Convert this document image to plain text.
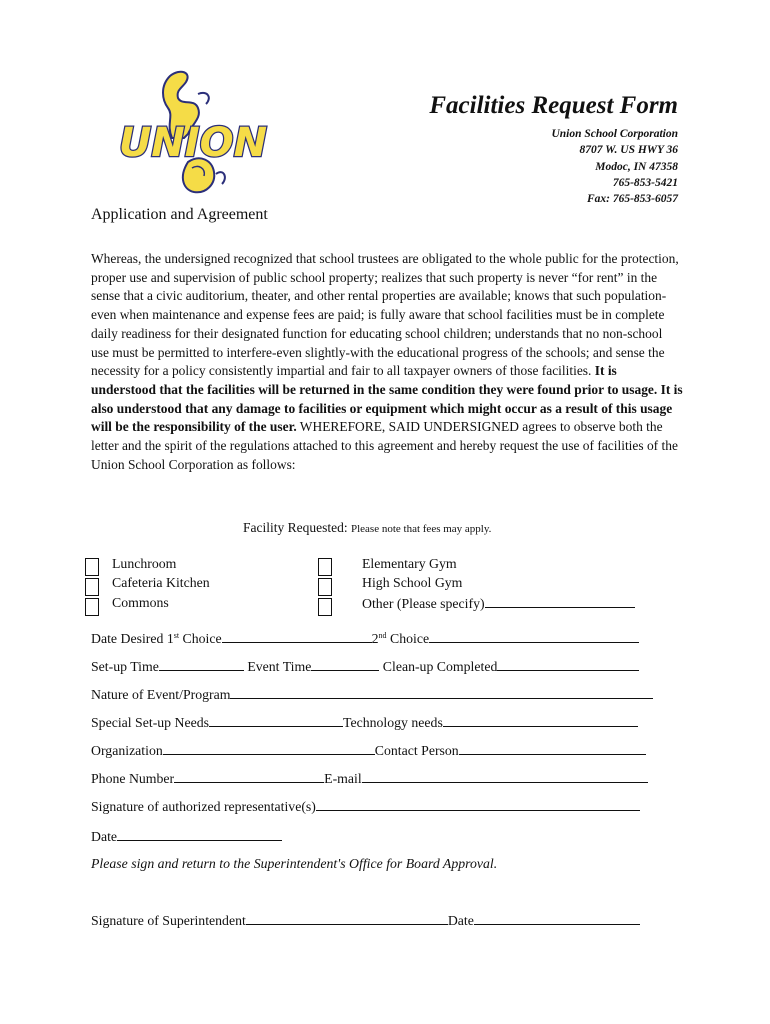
UNION
Facilities Request Form
Union School Corporation
8707 W. US HWY 36
Modoc, IN 47358
765-853-5421
Fax: 765-853-6057
Application and Agreement
Whereas, the undersigned recognized that school trustees are obligated to the whole public for the protection, proper use and supervision of public school property; realizes that such property is never “for rent” in the sense that a civic auditorium, theater, and other rental properties are available; knows that such population-even when maintenance and expense fees are paid; is fully aware that school facilities must be in complete daily readiness for their designated function for educating school children; understands that no non-school use must be permitted to interfere-even slightly-with the educational progress of the schools; and sense the necessity for a policy consistently impartial and fair to all taxpayer owners of those facilities. It is understood that the facilities will be returned in the same condition they were found prior to usage. It is also understood that any damage to facilities or equipment which might occur as a result of this usage will be the responsibility of the user. WHEREFORE, SAID UNDERSIGNED agrees to observe both the letter and the spirit of the regulations attached to this agreement and hereby request the use of facilities of the Union School Corporation as follows:
Facility Requested: Please note that fees may apply.
Lunchroom
Cafeteria Kitchen
Commons
Elementary Gym
High School Gym
Other (Please specify)
Date Desired 1st Choice	2nd Choice
Set-up Time	Event Time	Clean-up Completed
Nature of Event/Program
Special Set-up Needs	Technology needs
Organization	Contact Person
Phone Number	E-mail
Signature of authorized representative(s)
Date
Please sign and return to the Superintendent's Office for Board Approval.
Signature of Superintendent	Date
